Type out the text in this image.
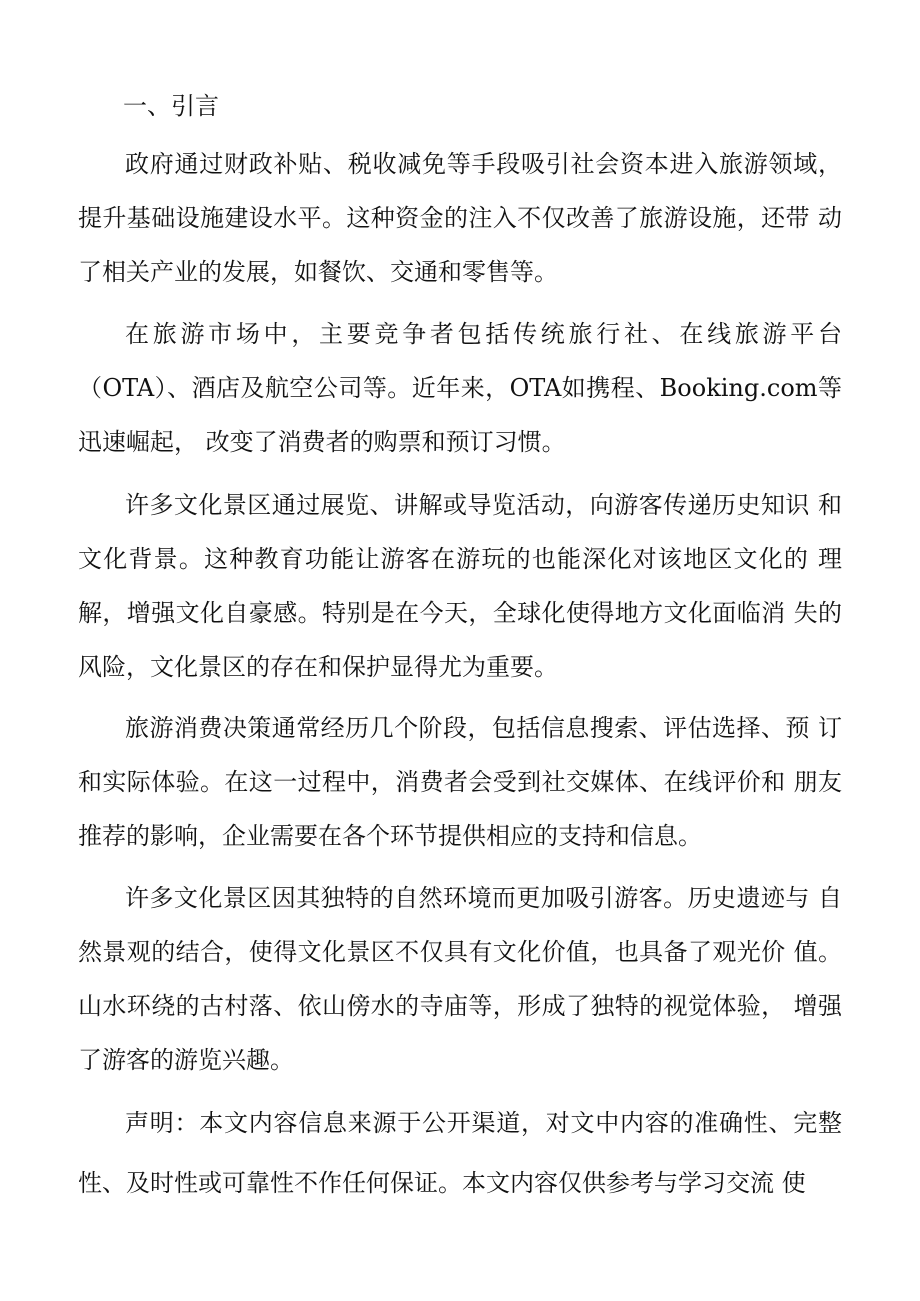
一、引言

政府通过财政补贴、税收减免等手段吸引社会资本进入旅游领域， 提升基础设施建设水平。这种资金的注入不仅改善了旅游设施，还带 动了相关产业的发展，如餐饮、交通和零售等。

在旅游市场中，主要竞争者包括传统旅行社、在线旅游平台（OTA）、酒店及航空公司等。近年来，OTA如携程、Booking.com等迅速崛起， 改变了消费者的购票和预订习惯。

许多文化景区通过展览、讲解或导览活动，向游客传递历史知识 和文化背景。这种教育功能让游客在游玩的也能深化对该地区文化的 理解，增强文化自豪感。特别是在今天，全球化使得地方文化面临消 失的风险，文化景区的存在和保护显得尤为重要。

旅游消费决策通常经历几个阶段，包括信息搜索、评估选择、预 订和实际体验。在这一过程中，消费者会受到社交媒体、在线评价和 朋友推荐的影响，企业需要在各个环节提供相应的支持和信息。

许多文化景区因其独特的自然环境而更加吸引游客。历史遗迹与 自然景观的结合，使得文化景区不仅具有文化价值，也具备了观光价 值。山水环绕的古村落、依山傍水的寺庙等，形成了独特的视觉体验， 增强了游客的游览兴趣。

声明：本文内容信息来源于公开渠道，对文中内容的准确性、完整性、及时性或可靠性不作任何保证。本文内容仅供参考与学习交流 使
